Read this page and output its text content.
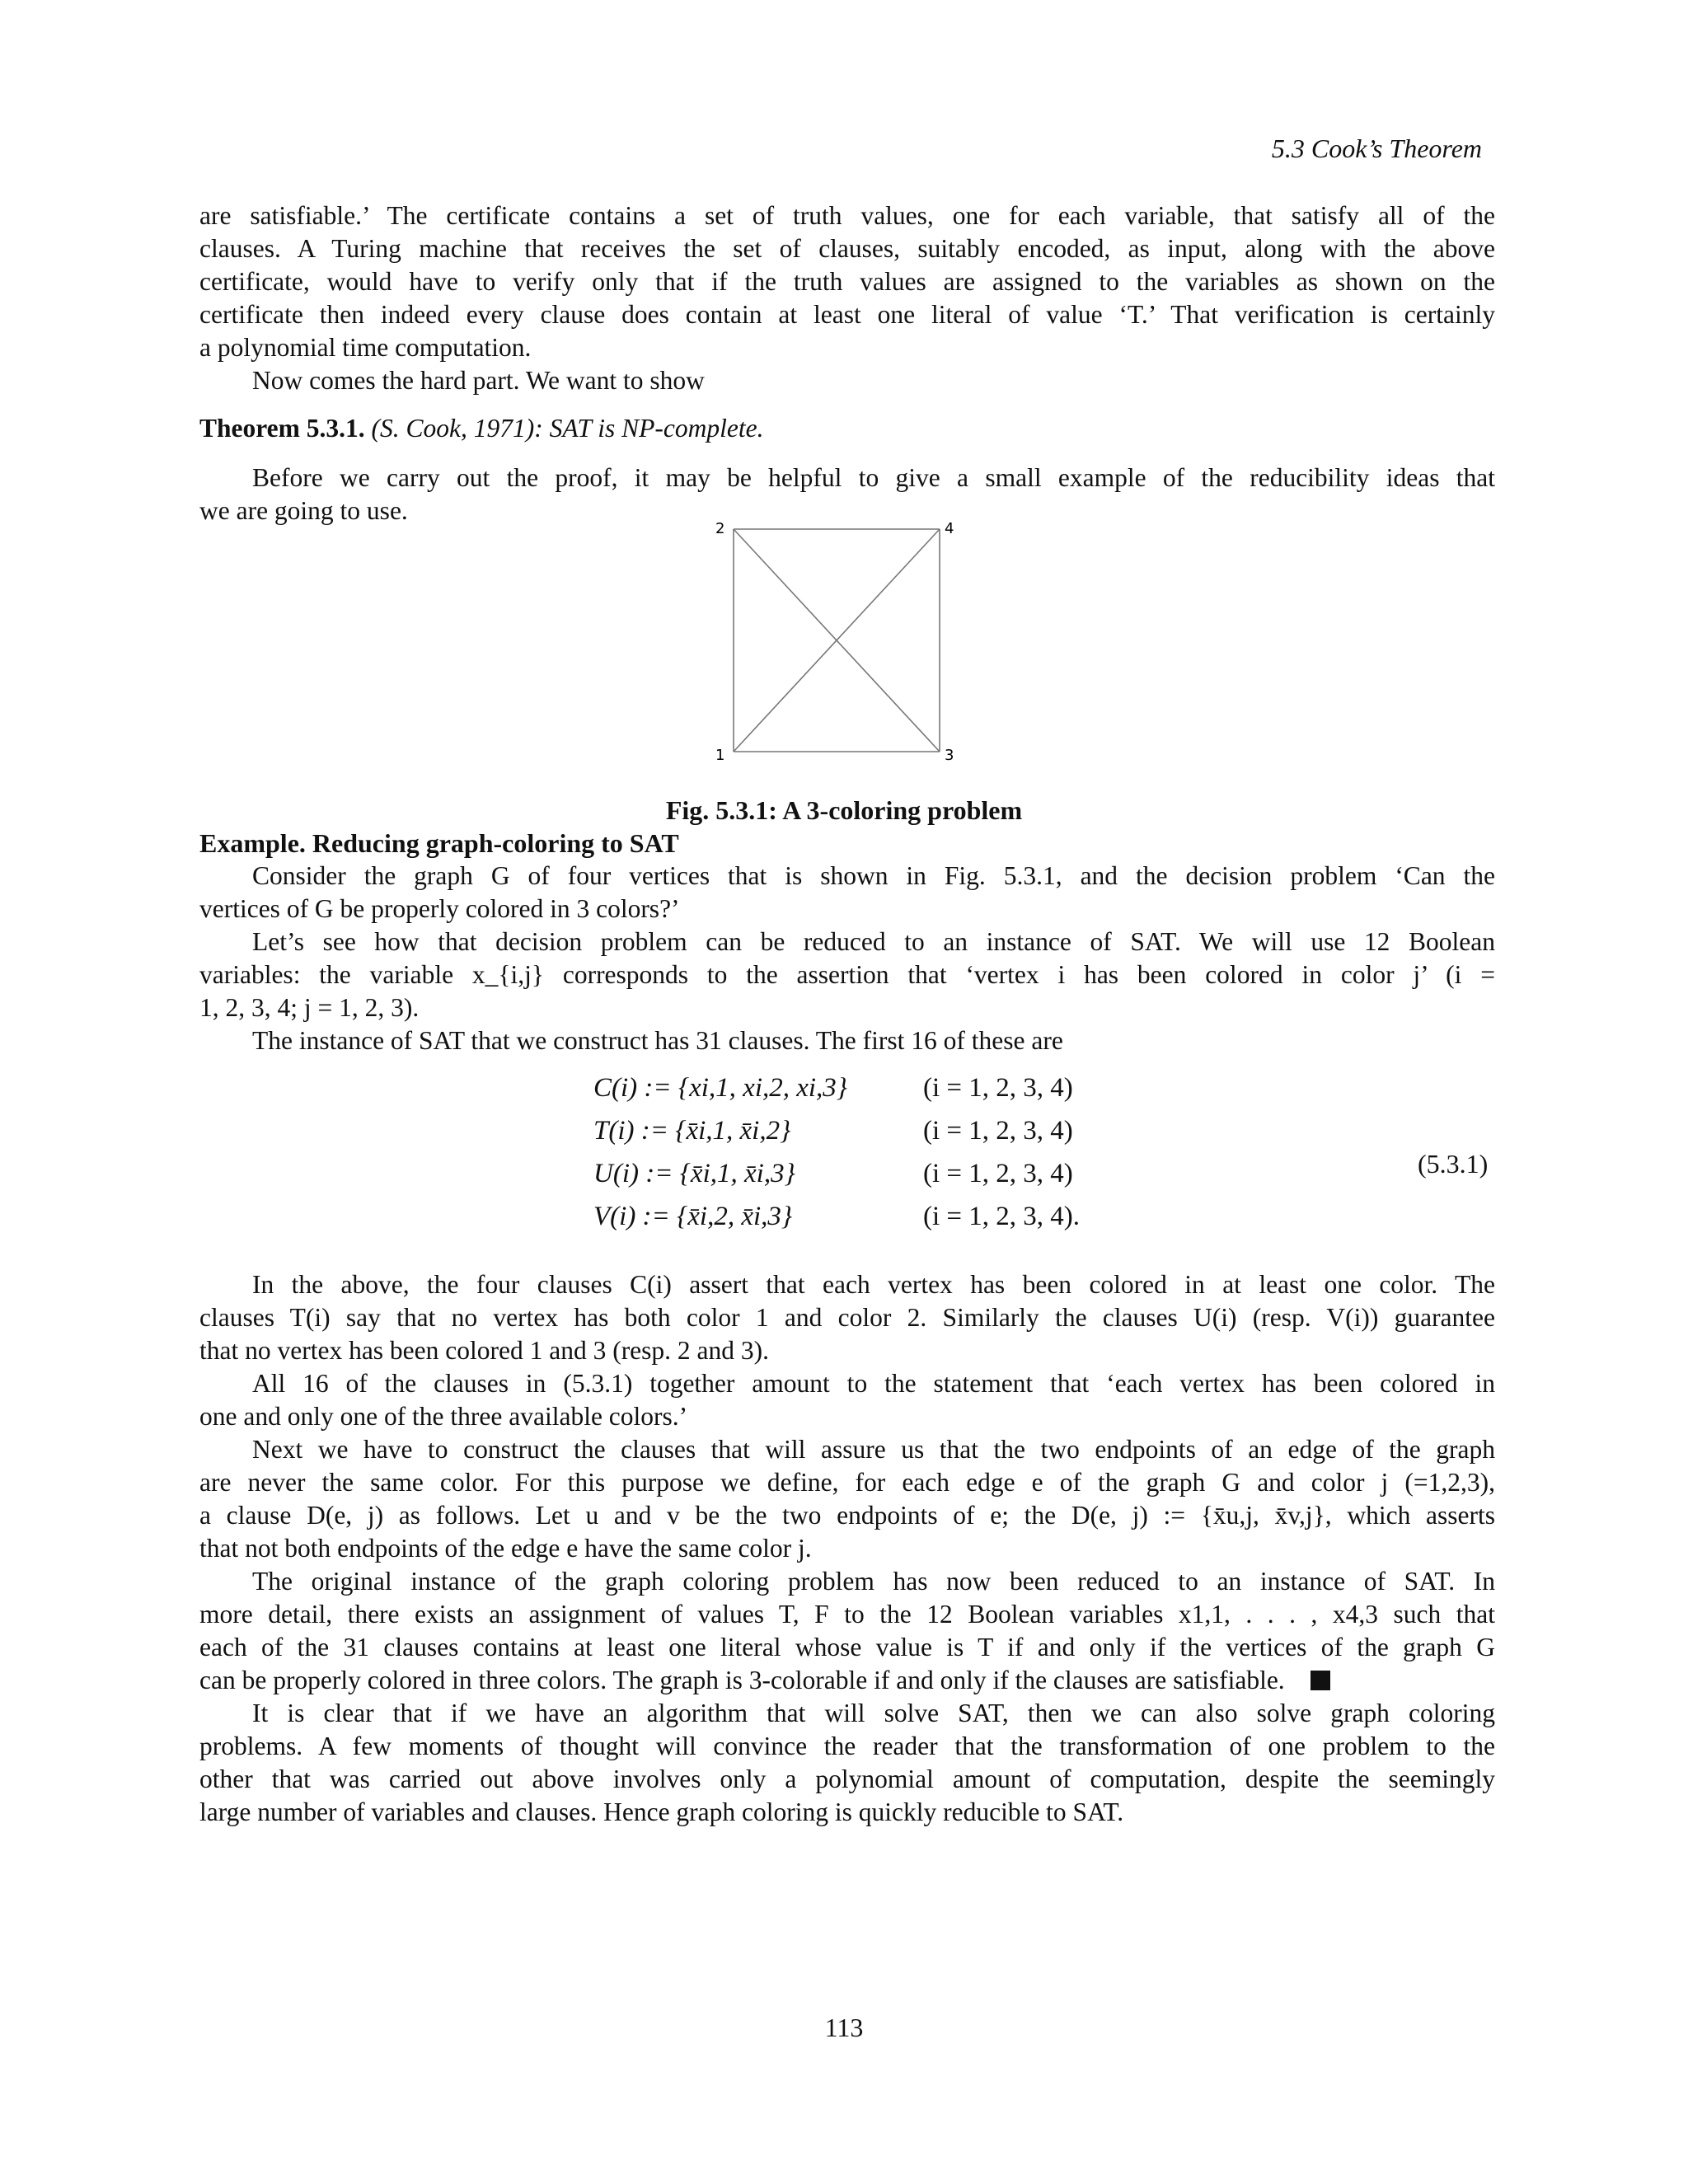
5.3 Cook’s Theorem
are satisfiable.’ The certificate contains a set of truth values, one for each variable, that satisfy all of the
clauses. A Turing machine that receives the set of clauses, suitably encoded, as input, along with the above
certificate, would have to verify only that if the truth values are assigned to the variables as shown on the
certificate then indeed every clause does contain at least one literal of value ‘T.’ That verification is certainly
a polynomial time computation.
Now comes the hard part. We want to show
Theorem 5.3.1. (S. Cook, 1971): SAT is NP-complete.
Before we carry out the proof, it may be helpful to give a small example of the reducibility ideas that
we are going to use.
2	4
1	3
Fig. 5.3.1: A 3-coloring problem
Example. Reducing graph-coloring to SAT
Consider the graph G of four vertices that is shown in Fig. 5.3.1, and the decision problem ‘Can the
vertices of G be properly colored in 3 colors?’
Let’s see how that decision problem can be reduced to an instance of SAT. We will use 12 Boolean
variables: the variable x_{i,j} corresponds to the assertion that ‘vertex i has been colored in color j’ (i =
1, 2, 3, 4; j = 1, 2, 3).
The instance of SAT that we construct has 31 clauses. The first 16 of these are
C(i) := {xi,1, xi,2, xi,3}	(i = 1, 2, 3, 4)
T(i) := {x̄i,1, x̄i,2}	(i = 1, 2, 3, 4)
U(i) := {x̄i,1, x̄i,3}	(i = 1, 2, 3, 4)
V(i) := {x̄i,2, x̄i,3}	(i = 1, 2, 3, 4).
(5.3.1)
In the above, the four clauses C(i) assert that each vertex has been colored in at least one color. The
clauses T(i) say that no vertex has both color 1 and color 2. Similarly the clauses U(i) (resp. V(i)) guarantee
that no vertex has been colored 1 and 3 (resp. 2 and 3).
All 16 of the clauses in (5.3.1) together amount to the statement that ‘each vertex has been colored in
one and only one of the three available colors.’
Next we have to construct the clauses that will assure us that the two endpoints of an edge of the graph
are never the same color. For this purpose we define, for each edge e of the graph G and color j (=1,2,3),
a clause D(e, j) as follows. Let u and v be the two endpoints of e; the D(e, j) := {x̄u,j, x̄v,j}, which asserts
that not both endpoints of the edge e have the same color j.
The original instance of the graph coloring problem has now been reduced to an instance of SAT. In
more detail, there exists an assignment of values T, F to the 12 Boolean variables x1,1, . . . , x4,3 such that
each of the 31 clauses contains at least one literal whose value is T if and only if the vertices of the graph G
can be properly colored in three colors. The graph is 3-colorable if and only if the clauses are satisfiable.
It is clear that if we have an algorithm that will solve SAT, then we can also solve graph coloring
problems. A few moments of thought will convince the reader that the transformation of one problem to the
other that was carried out above involves only a polynomial amount of computation, despite the seemingly
large number of variables and clauses. Hence graph coloring is quickly reducible to SAT.
113
